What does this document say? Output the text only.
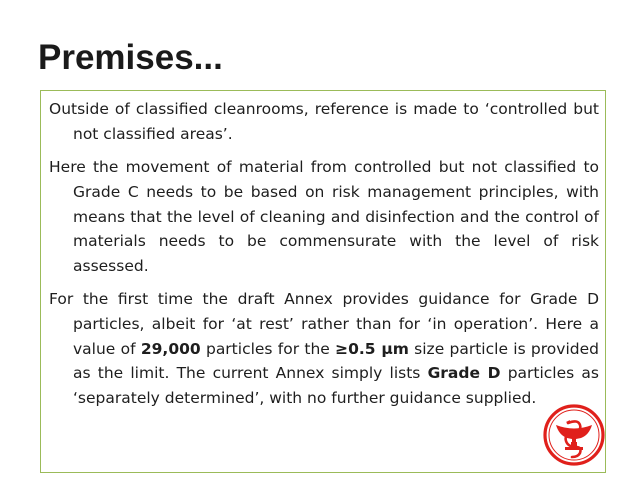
Premises...

Outside of classified cleanrooms, reference is made to ‘controlled but not classified areas’.

Here the movement of material from controlled but not classified to Grade C needs to be based on risk management principles, with means that the level of cleaning and disinfection and the control of materials needs to be commensurate with the level of risk assessed.

For the first time the draft Annex provides guidance for Grade D particles, albeit for ‘at rest’ rather than for ‘in operation’. Here a value of 29,000 particles for the ≥0.5 µm size particle is provided as the limit. The current Annex simply lists Grade D particles as ‘separately determined’, with no further guidance supplied.
